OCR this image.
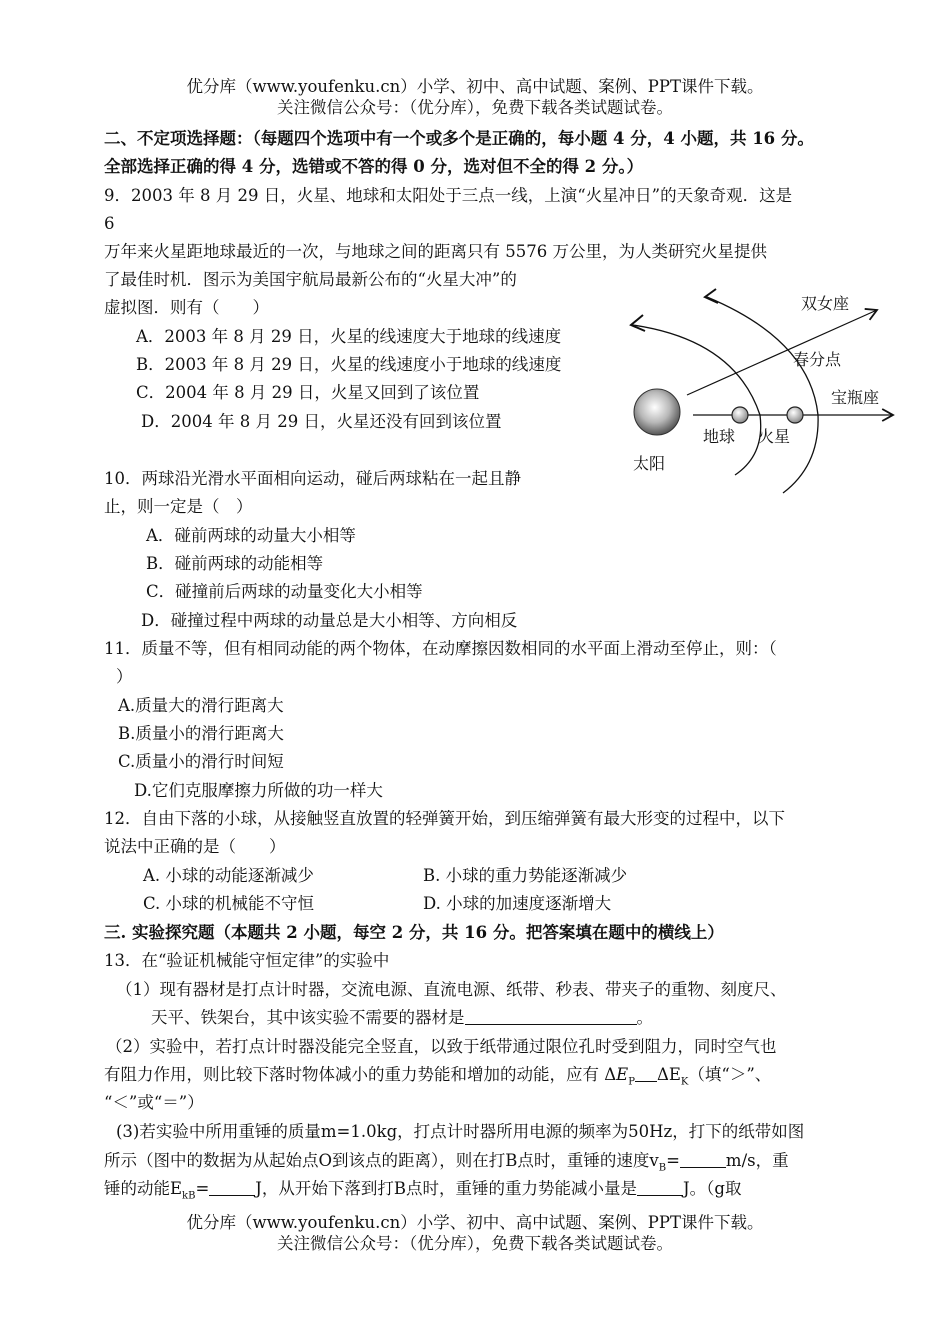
优分库（www.youfenku.cn）小学、初中、高中试题、案例、PPT课件下载。
关注微信公众号：（优分库），免费下载各类试题试卷。
二、不定项选择题：（每题四个选项中有一个或多个是正确的，每小题 4 分，4 小题，共 16 分。
全部选择正确的得 4 分，选错或不答的得 0 分，选对但不全的得 2 分。）
9．2003 年 8 月 29 日，火星、地球和太阳处于三点一线，上演“火星冲日”的天象奇观．这是
6
万年来火星距地球最近的一次，与地球之间的距离只有 5576 万公里，为人类研究火星提供
了最佳时机．图示为美国宇航局最新公布的“火星大冲”的
虚拟图．则有（　　）
A．2003 年 8 月 29 日，火星的线速度大于地球的线速度
B．2003 年 8 月 29 日，火星的线速度小于地球的线速度
C．2004 年 8 月 29 日，火星又回到了该位置
D．2004 年 8 月 29 日，火星还没有回到该位置
双女座
春分点
宝瓶座
地球 火星
太阳
10．两球沿光滑水平面相向运动，碰后两球粘在一起且静
止，则一定是（　）
A．碰前两球的动量大小相等
B．碰前两球的动能相等
C．碰撞前后两球的动量变化大小相等
D．碰撞过程中两球的动量总是大小相等、方向相反
11．质量不等，但有相同动能的两个物体，在动摩擦因数相同的水平面上滑动至停止，则：（
）
A.质量大的滑行距离大
B.质量小的滑行距离大
C.质量小的滑行时间短
D.它们克服摩擦力所做的功一样大
12．自由下落的小球，从接触竖直放置的轻弹簧开始，到压缩弹簧有最大形变的过程中，以下
说法中正确的是（　　）
A. 小球的动能逐渐减少	B. 小球的重力势能逐渐减少
C. 小球的机械能不守恒	D. 小球的加速度逐渐增大
三. 实验探究题（本题共 2 小题，每空 2 分，共 16 分。把答案填在题中的横线上）
13．在“验证机械能守恒定律”的实验中
（1）现有器材是打点计时器，交流电源、直流电源、纸带、秒表、带夹子的重物、刻度尺、
天平、铁架台，其中该实验不需要的器材是	。
（2）实验中，若打点计时器没能完全竖直，以致于纸带通过限位孔时受到阻力，同时空气也
有阻力作用，则比较下落时物体减小的重力势能和增加的动能，应有 $\Delta E_P$ $\Delta E_K$（填“＞”、
“＜”或“＝”）
(3)若实验中所用重锤的质量m=1.0kg，打点计时器所用电源的频率为50Hz，打下的纸带如图
所示（图中的数据为从起始点O到该点的距离），则在打B点时，重锤的速度$v_B=$	m/s，重
锤的动能$E_{kB}=$	J，从开始下落到打B点时，重锤的重力势能减小量是	J。（g取
优分库（www.youfenku.cn）小学、初中、高中试题、案例、PPT课件下载。
关注微信公众号：（优分库），免费下载各类试题试卷。
